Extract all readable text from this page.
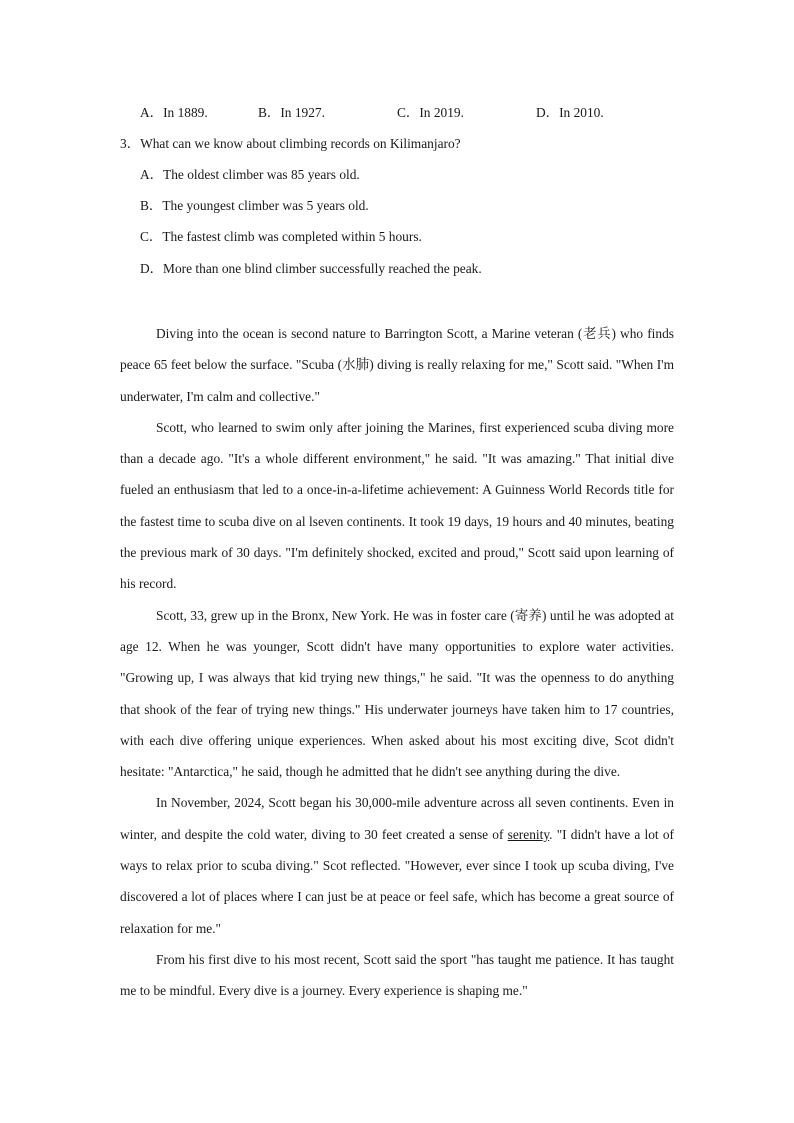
A．In 1889.	B．In 1927.	C．In 2019.	D．In 2010.
3．What can we know about climbing records on Kilimanjaro?
A．The oldest climber was 85 years old.
B．The youngest climber was 5 years old.
C．The fastest climb was completed within 5 hours.
D．More than one blind climber successfully reached the peak.

Diving into the ocean is second nature to Barrington Scott, a Marine veteran (老兵) who finds peace 65 feet below the surface. "Scuba (水肺) diving is really relaxing for me," Scott said. "When I'm underwater, I'm calm and collective."

Scott, who learned to swim only after joining the Marines, first experienced scuba diving more than a decade ago. "It's a whole different environment," he said. "It was amazing." That initial dive fueled an enthusiasm that led to a once-in-a-lifetime achievement: A Guinness World Records title for the fastest time to scuba dive on al lseven continents. It took 19 days, 19 hours and 40 minutes, beating the previous mark of 30 days. "I'm definitely shocked, excited and proud," Scott said upon learning of his record.

Scott, 33, grew up in the Bronx, New York. He was in foster care (寄养) until he was adopted at age 12. When he was younger, Scott didn't have many opportunities to explore water activities. "Growing up, I was always that kid trying new things," he said. "It was the openness to do anything that shook of the fear of trying new things." His underwater journeys have taken him to 17 countries, with each dive offering unique experiences. When asked about his most exciting dive, Scot didn't hesitate: "Antarctica," he said, though he admitted that he didn't see anything during the dive.

In November, 2024, Scott began his 30,000-mile adventure across all seven continents. Even in winter, and despite the cold water, diving to 30 feet created a sense of serenity. "I didn't have a lot of ways to relax prior to scuba diving." Scot reflected. "However, ever since I took up scuba diving, I've discovered a lot of places where I can just be at peace or feel safe, which has become a great source of relaxation for me."

From his first dive to his most recent, Scott said the sport "has taught me patience. It has taught me to be mindful. Every dive is a journey. Every experience is shaping me."
